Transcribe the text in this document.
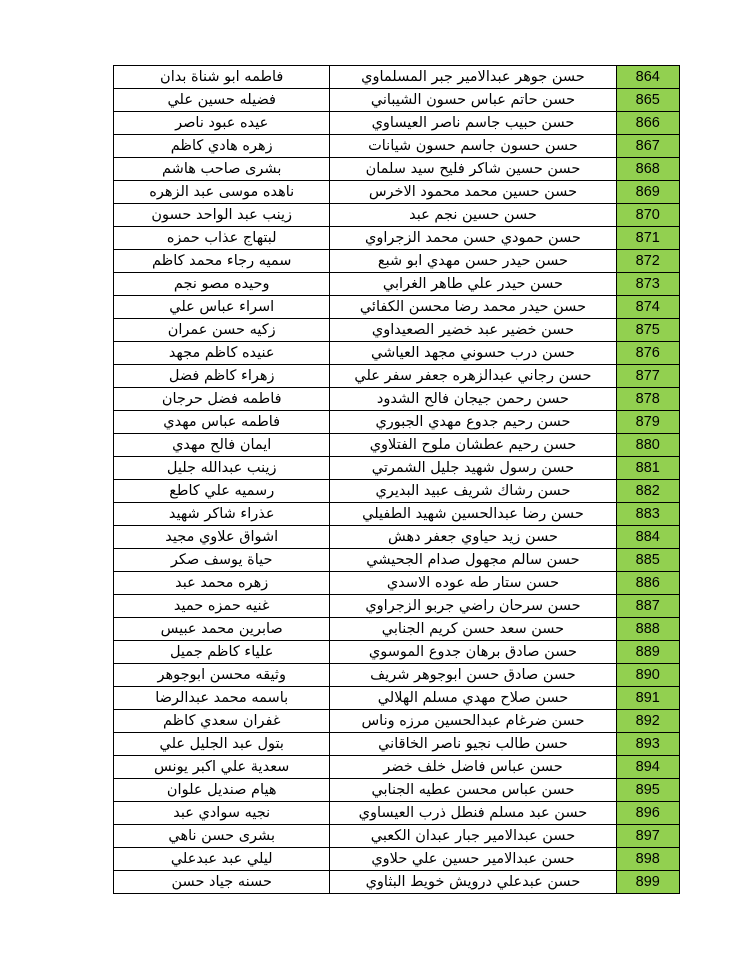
فاطمه ابو شناة بدان	حسن جوهر عبدالامير جبر المسلماوي	864
فضيله حسين علي	حسن حاتم عباس حسون الشيباني	865
عيده عبود ناصر	حسن حبيب جاسم ناصر العيساوي	866
زهره هادي كاظم	حسن حسون جاسم حسون شيانات	867
بشرى صاحب هاشم	حسن حسين شاكر فليح سيد سلمان	868
ناهده موسى عبد الزهره	حسن حسين محمد محمود الاخرس	869
زينب عبد الواحد حسون	حسن حسين نجم عبد	870
لبتهاج عذاب حمزه	حسن حمودي حسن محمد الزجراوي	871
سميه رجاء محمد كاظم	حسن حيدر حسن مهدي ابو شبع	872
وحيده مصو نجم	حسن حيدر علي طاهر الغرابي	873
اسراء عباس علي	حسن حيدر محمد رضا محسن الكفائي	874
زكيه حسن عمران	حسن خضير عبد خضير الصعيداوي	875
عنيده كاظم مجهد	حسن درب حسوني مجهد العياشي	876
زهراء كاظم فضل	حسن رجاني عبدالزهره جعفر سفر علي	877
فاطمه فضل حرجان	حسن رحمن جيجان فالح الشدود	878
فاطمه عباس مهدي	حسن رحيم جدوع مهدي الجبوري	879
ايمان فالح مهدي	حسن رحيم عطشان ملوح الفتلاوي	880
زينب عبدالله جليل	حسن رسول شهيد جليل الشمرتي	881
رسميه علي كاطع	حسن رشاك شريف عبيد البديري	882
عذراء شاكر شهيد	حسن رضا عبدالحسين شهيد الطفيلي	883
اشواق علاوي مجيد	حسن زيد حياوي جعفر دهش	884
حياة يوسف صكر	حسن سالم مجهول صدام الجحيشي	885
زهره محمد عبد	حسن ستار طه عوده الاسدي	886
غنيه حمزه حميد	حسن سرحان راضي جربو الزجراوي	887
صابرين محمد عبيس	حسن سعد حسن كريم الجنابي	888
علياء كاظم جميل	حسن صادق برهان جدوع الموسوي	889
وثيقه محسن ابوجوهر	حسن صادق حسن ابوجوهر شريف	890
باسمه محمد عبدالرضا	حسن صلاح مهدي مسلم الهلالي	891
غفران سعدي كاظم	حسن ضرغام عبدالحسين مرزه وناس	892
بتول عبد الجليل علي	حسن طالب نجيو ناصر الخاقاني	893
سعدية علي اكبر يونس	حسن عباس فاضل خلف خضر	894
هيام صنديل علوان	حسن عباس محسن عطيه الجنابي	895
نجيه سوادي عبد	حسن عبد مسلم فنطل ذرب العيساوي	896
بشرى حسن ناهي	حسن عبدالامير جبار عبدان الكعبي	897
ليلي عبد عبدعلي	حسن عبدالامير حسين علي حلاوي	898
حسنه جياد حسن	حسن عبدعلي درويش خويط البثاوي	899
